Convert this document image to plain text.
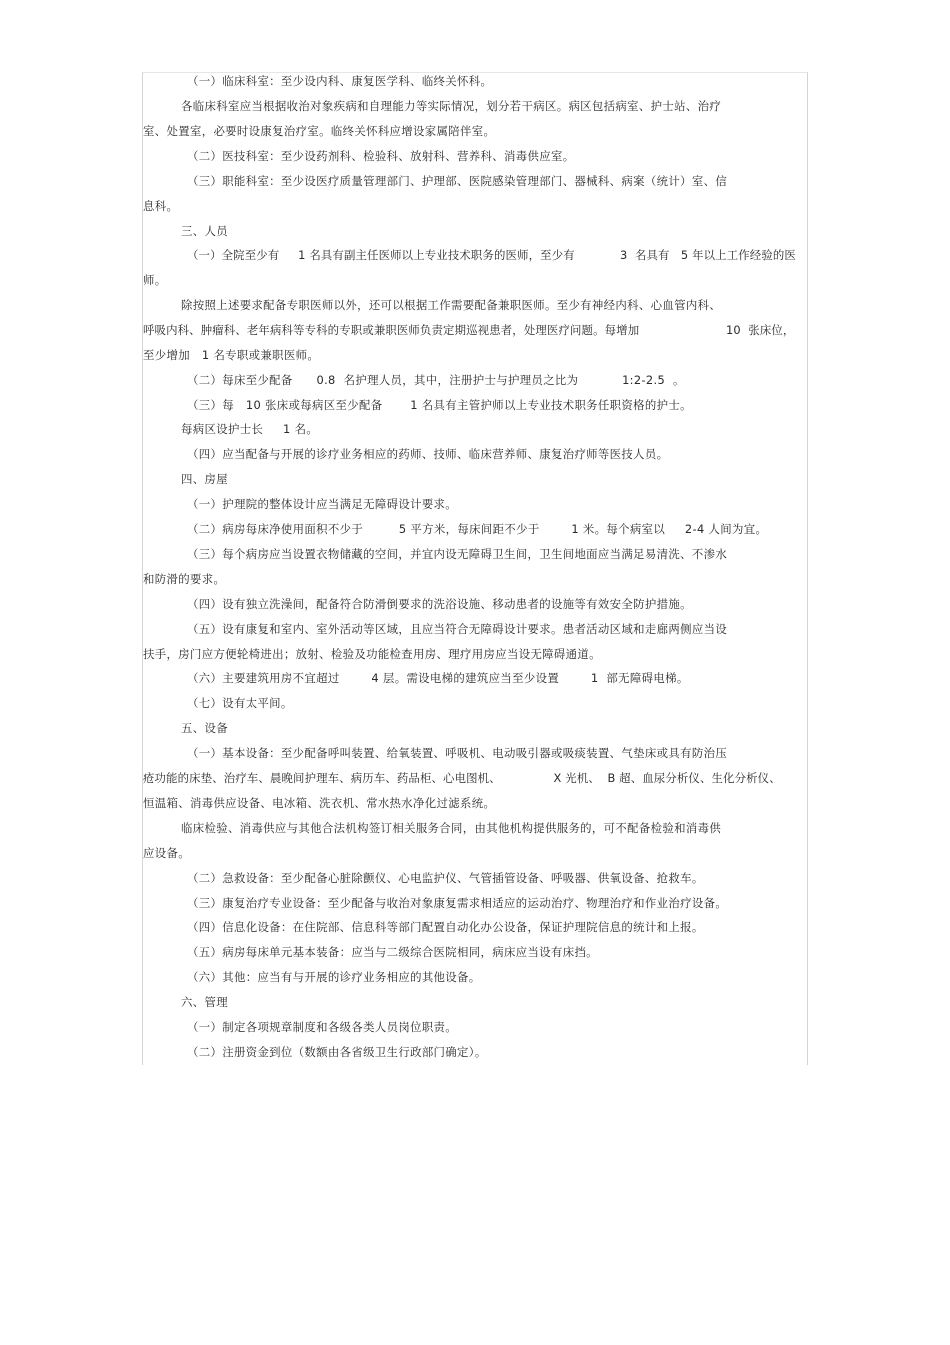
（一）临床科室：至少设内科、康复医学科、临终关怀科。
各临床科室应当根据收治对象疾病和自理能力等实际情况，划分若干病区。病区包括病室、护士站、治疗
室、处置室，必要时设康复治疗室。临终关怀科应增设家属陪伴室。
（二）医技科室：至少设药剂科、检验科、放射科、营养科、消毒供应室。
（三）职能科室：至少设医疗质量管理部门、护理部、医院感染管理部门、器械科、病案（统计）室、信
息科。
三、人员
（一）全院至少有     1 名具有副主任医师以上专业技术职务的医师，至少有            3  名具有   5 年以上工作经验的医
师。
除按照上述要求配备专职医师以外，还可以根据工作需要配备兼职医师。至少有神经内科、心血管内科、
呼吸内科、肿瘤科、老年病科等专科的专职或兼职医师负责定期巡视患者，处理医疗问题。每增加                       10  张床位，
至少增加   1 名专职或兼职医师。
（二）每床至少配备      0.8  名护理人员，其中，注册护士与护理员之比为           1:2-2.5  。
（三）每   10 张床或每病区至少配备       1 名具有主管护师以上专业技术职务任职资格的护士。
每病区设护士长     1 名。
（四）应当配备与开展的诊疗业务相应的药师、技师、临床营养师、康复治疗师等医技人员。
四、房屋
（一）护理院的整体设计应当满足无障碍设计要求。
（二）病房每床净使用面积不少于         5 平方米，每床间距不少于        1 米。每个病室以     2-4 人间为宜。
（三）每个病房应当设置衣物储藏的空间，并宜内设无障碍卫生间，卫生间地面应当满足易清洗、不渗水
和防滑的要求。
（四）设有独立洗澡间，配备符合防滑倒要求的洗浴设施、移动患者的设施等有效安全防护措施。
（五）设有康复和室内、室外活动等区域，且应当符合无障碍设计要求。患者活动区域和走廊两侧应当设
扶手，房门应方便轮椅进出；放射、检验及功能检查用房、理疗用房应当设无障碍通道。
（六）主要建筑用房不宜超过        4 层。需设电梯的建筑应当至少设置        1  部无障碍电梯。
（七）设有太平间。
五、设备
（一）基本设备：至少配备呼叫装置、给氧装置、呼吸机、电动吸引器或吸痰装置、气垫床或具有防治压
疮功能的床垫、治疗车、晨晚间护理车、病历车、药品柜、心电图机、              X 光机、  B 超、血尿分析仪、生化分析仪、
恒温箱、消毒供应设备、电冰箱、洗衣机、常水热水净化过滤系统。
临床检验、消毒供应与其他合法机构签订相关服务合同，由其他机构提供服务的，可不配备检验和消毒供
应设备。
（二）急救设备：至少配备心脏除颤仪、心电监护仪、气管插管设备、呼吸器、供氧设备、抢救车。
（三）康复治疗专业设备：至少配备与收治对象康复需求相适应的运动治疗、物理治疗和作业治疗设备。
（四）信息化设备：在住院部、信息科等部门配置自动化办公设备，保证护理院信息的统计和上报。
（五）病房每床单元基本装备：应当与二级综合医院相同，病床应当设有床挡。
（六）其他：应当有与开展的诊疗业务相应的其他设备。
六、管理
（一）制定各项规章制度和各级各类人员岗位职责。
（二）注册资金到位（数额由各省级卫生行政部门确定）。
